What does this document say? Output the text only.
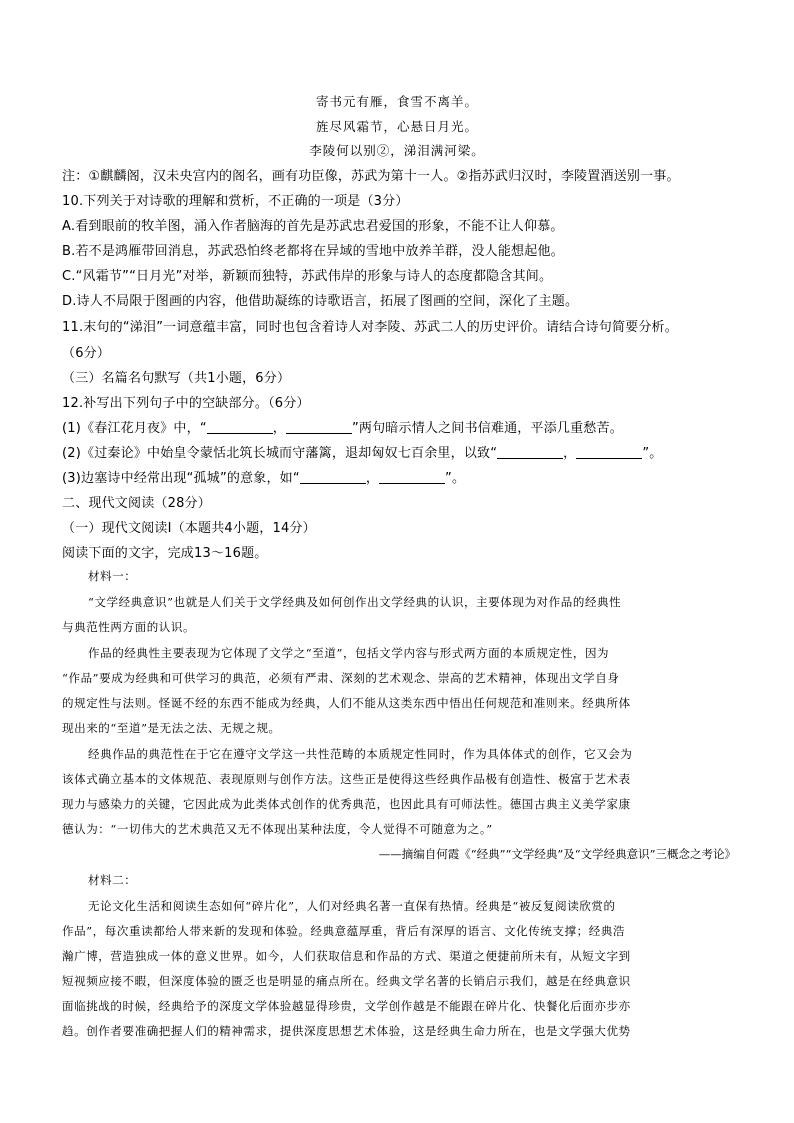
寄书元有雁，食雪不离羊。
旌尽风霜节，心悬日月光。
李陵何以别②，涕泪满河梁。
注：①麒麟阁，汉未央宫内的阁名，画有功臣像，苏武为第十一人。②指苏武归汉时，李陵置酒送别一事。
10.下列关于对诗歌的理解和赏析，不正确的一项是（3分）
A.看到眼前的牧羊图，涌入作者脑海的首先是苏武忠君爱国的形象，不能不让人仰慕。
B.若不是鸿雁带回消息，苏武恐怕终老都将在异域的雪地中放养羊群，没人能想起他。
C.“风霜节”“日月光”对举，新颖而独特，苏武伟岸的形象与诗人的态度都隐含其间。
D.诗人不局限于图画的内容，他借助凝练的诗歌语言，拓展了图画的空间，深化了主题。
11.末句的“涕泪”一词意蕴丰富，同时也包含着诗人对李陵、苏武二人的历史评价。请结合诗句简要分析。
（6分）
（三）名篇名句默写（共1小题，6分）
12.补写出下列句子中的空缺部分。（6分）
(1)《春江花月夜》中，“	，	”两句暗示情人之间书信难通，平添几重愁苦。
(2)《过秦论》中始皇令蒙恬北筑长城而守藩篱，退却匈奴七百余里，以致“	，	”。
(3)边塞诗中经常出现“孤城”的意象，如“	，	”。
二、现代文阅读（28分）
（一）现代文阅读Ⅰ（本题共4小题，14分）
阅读下面的文字，完成13～16题。
材料一：
“文学经典意识”也就是人们关于文学经典及如何创作出文学经典的认识，主要体现为对作品的经典性
与典范性两方面的认识。
作品的经典性主要表现为它体现了文学之“至道”，包括文学内容与形式两方面的本质规定性，因为
“作品”要成为经典和可供学习的典范，必须有严肃、深刻的艺术观念、崇高的艺术精神，体现出文学自身
的规定性与法则。怪诞不经的东西不能成为经典，人们不能从这类东西中悟出任何规范和准则来。经典所体
现出来的“至道”是无法之法、无规之规。
经典作品的典范性在于它在遵守文学这一共性范畴的本质规定性同时，作为具体体式的创作，它又会为
该体式确立基本的文体规范、表现原则与创作方法。这些正是使得这些经典作品极有创造性、极富于艺术表
现力与感染力的关键，它因此成为此类体式创作的优秀典范，也因此具有可师法性。德国古典主义美学家康
德认为：“一切伟大的艺术典范又无不体现出某种法度，令人觉得不可随意为之。”
——摘编自何霞《“经典”“文学经典”及“文学经典意识”三概念之考论》
材料二：
无论文化生活和阅读生态如何“碎片化”，人们对经典名著一直保有热情。经典是“被反复阅读欣赏的
作品”，每次重读都给人带来新的发现和体验。经典意蕴厚重，背后有深厚的语言、文化传统支撑；经典浩
瀚广博，营造独成一体的意义世界。如今，人们获取信息和作品的方式、渠道之便捷前所未有，从短文字到
短视频应接不暇，但深度体验的匮乏也是明显的痛点所在。经典文学名著的长销启示我们，越是在经典意识
面临挑战的时候，经典给予的深度文学体验越显得珍贵，文学创作越是不能跟在碎片化、快餐化后面亦步亦
趋。创作者要准确把握人们的精神需求，提供深度思想艺术体验，这是经典生命力所在，也是文学强大优势
